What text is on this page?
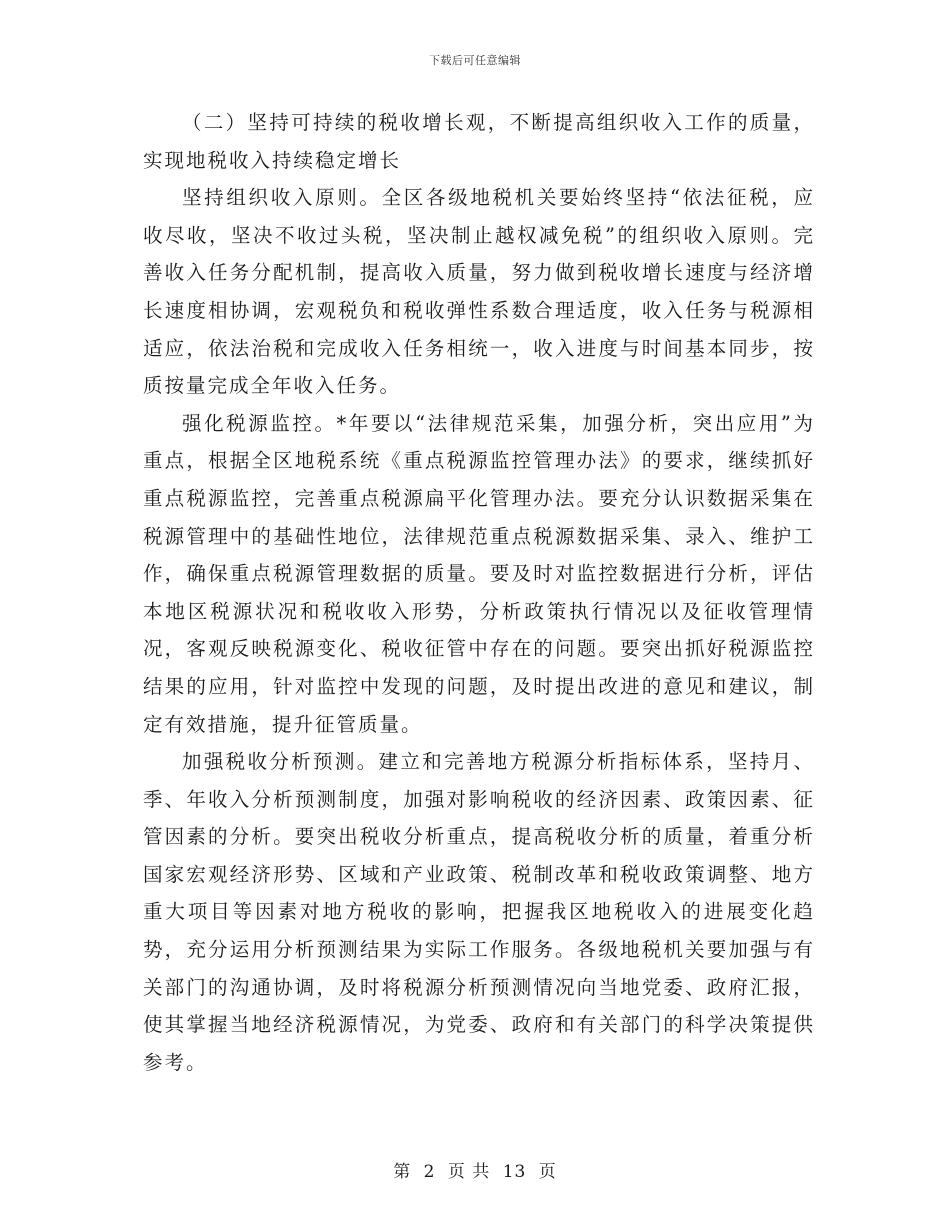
下载后可任意编辑

（二）坚持可持续的税收增长观，不断提高组织收入工作的质量，实现地税收入持续稳定增长

坚持组织收入原则。全区各级地税机关要始终坚持“依法征税，应收尽收，坚决不收过头税，坚决制止越权减免税”的组织收入原则。完善收入任务分配机制，提高收入质量，努力做到税收增长速度与经济增长速度相协调，宏观税负和税收弹性系数合理适度，收入任务与税源相适应，依法治税和完成收入任务相统一，收入进度与时间基本同步，按质按量完成全年收入任务。

强化税源监控。*年要以“法律规范采集，加强分析，突出应用”为重点，根据全区地税系统《重点税源监控管理办法》的要求，继续抓好重点税源监控，完善重点税源扁平化管理办法。要充分认识数据采集在税源管理中的基础性地位，法律规范重点税源数据采集、录入、维护工作，确保重点税源管理数据的质量。要及时对监控数据进行分析，评估本地区税源状况和税收收入形势，分析政策执行情况以及征收管理情况，客观反映税源变化、税收征管中存在的问题。要突出抓好税源监控结果的应用，针对监控中发现的问题，及时提出改进的意见和建议，制定有效措施，提升征管质量。

加强税收分析预测。建立和完善地方税源分析指标体系，坚持月、季、年收入分析预测制度，加强对影响税收的经济因素、政策因素、征管因素的分析。要突出税收分析重点，提高税收分析的质量，着重分析国家宏观经济形势、区域和产业政策、税制改革和税收政策调整、地方重大项目等因素对地方税收的影响，把握我区地税收入的进展变化趋势，充分运用分析预测结果为实际工作服务。各级地税机关要加强与有关部门的沟通协调，及时将税源分析预测情况向当地党委、政府汇报，使其掌握当地经济税源情况，为党委、政府和有关部门的科学决策提供参考。

第 2 页 共 13 页
